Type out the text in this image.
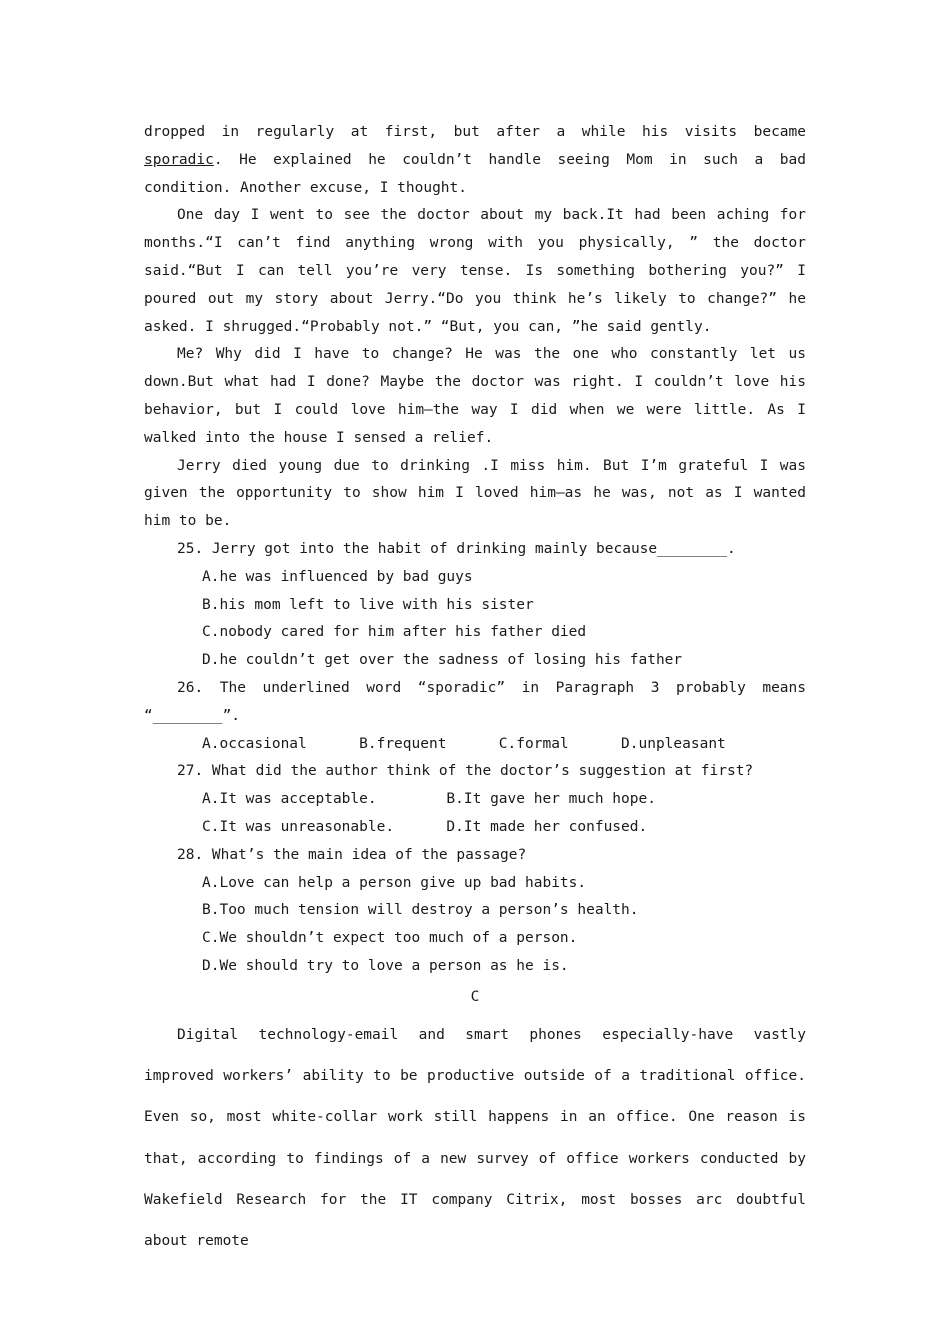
dropped in regularly at first, but after a while his visits became sporadic. He explained he couldn’t handle seeing Mom in such a bad condition. Another excuse, I thought.

One day I went to see the doctor about my back.It had been aching for months.“I can’t find anything wrong with you physically, ” the doctor said.“But I can tell you’re very tense. Is something bothering you?” I poured out my story about Jerry.“Do you think he’s likely to change?” he asked. I shrugged.“Probably not.” “But, you can, ”he said gently.

Me? Why did I have to change? He was the one who constantly let us down.But what had I done? Maybe the doctor was right. I couldn’t love his behavior, but I could love him—the way I did when we were little. As I walked into the house I sensed a relief.

Jerry died young due to drinking .I miss him. But I’m grateful I was given the opportunity to show him I loved him—as he was, not as I wanted him to be.

25. Jerry got into the habit of drinking mainly because________.

A.he was influenced by bad guys

B.his mom left to live with his sister

C.nobody cared for him after his father died

D.he couldn’t get over the sadness of losing his father

26. The underlined word “sporadic” in Paragraph 3 probably means “________”.

A.occasional      B.frequent      C.formal      D.unpleasant

27. What did the author think of the doctor’s suggestion at first?

A.It was acceptable.        B.It gave her much hope.

C.It was unreasonable.      D.It made her confused.

28. What’s the main idea of the passage?

A.Love can help a person give up bad habits.

B.Too much tension will destroy a person’s health.

C.We shouldn’t expect too much of a person.

D.We should try to love a person as he is.

C

Digital technology-email and smart phones especially-have vastly improved workers’ ability to be productive outside of a traditional office. Even so, most white-collar work still happens in an office. One reason is that, according to findings of a new survey of office workers conducted by Wakefield Research for the IT company Citrix, most bosses arc doubtful about remote
